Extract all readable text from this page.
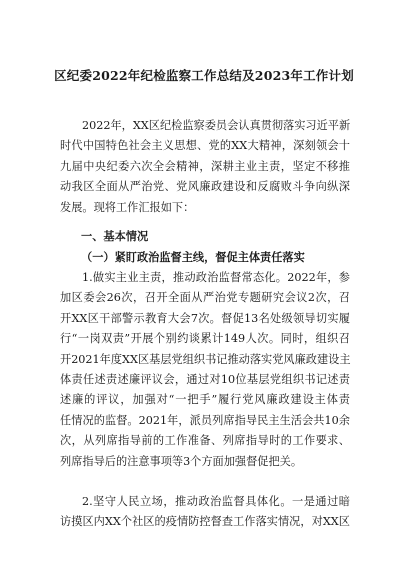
区纪委2022年纪检监察工作总结及2023年工作计划
2022年，XX区纪检监察委员会认真贯彻落实习近平新
时代中国特色社会主义思想、党的XX大精神，深刻领会十
九届中央纪委六次全会精神，深耕主业主责，坚定不移推
动我区全面从严治党、党风廉政建设和反腐败斗争向纵深
发展。现将工作汇报如下：
一、基本情况
（一）紧盯政治监督主线，督促主体责任落实
1.做实主业主责，推动政治监督常态化。2022年，参
加区委会26次，召开全面从严治党专题研究会议2次，召
开XX区干部警示教育大会7次。督促13名处级领导切实履
行“一岗双责”开展个别约谈累计149人次。同时，组织召
开2021年度XX区基层党组织书记推动落实党风廉政建设主
体责任述责述廉评议会，通过对10位基层党组织书记述责
述廉的评议，加强对“一把手”履行党风廉政建设主体责
任情况的监督。2021年，派员列席指导民主生活会共10余
次，从列席指导前的工作准备、列席指导时的工作要求、
列席指导后的注意事项等3个方面加强督促把关。
2.坚守人民立场，推动政治监督具体化。一是通过暗
访摸区内XX个社区的疫情防控督查工作落实情况，对XX区
